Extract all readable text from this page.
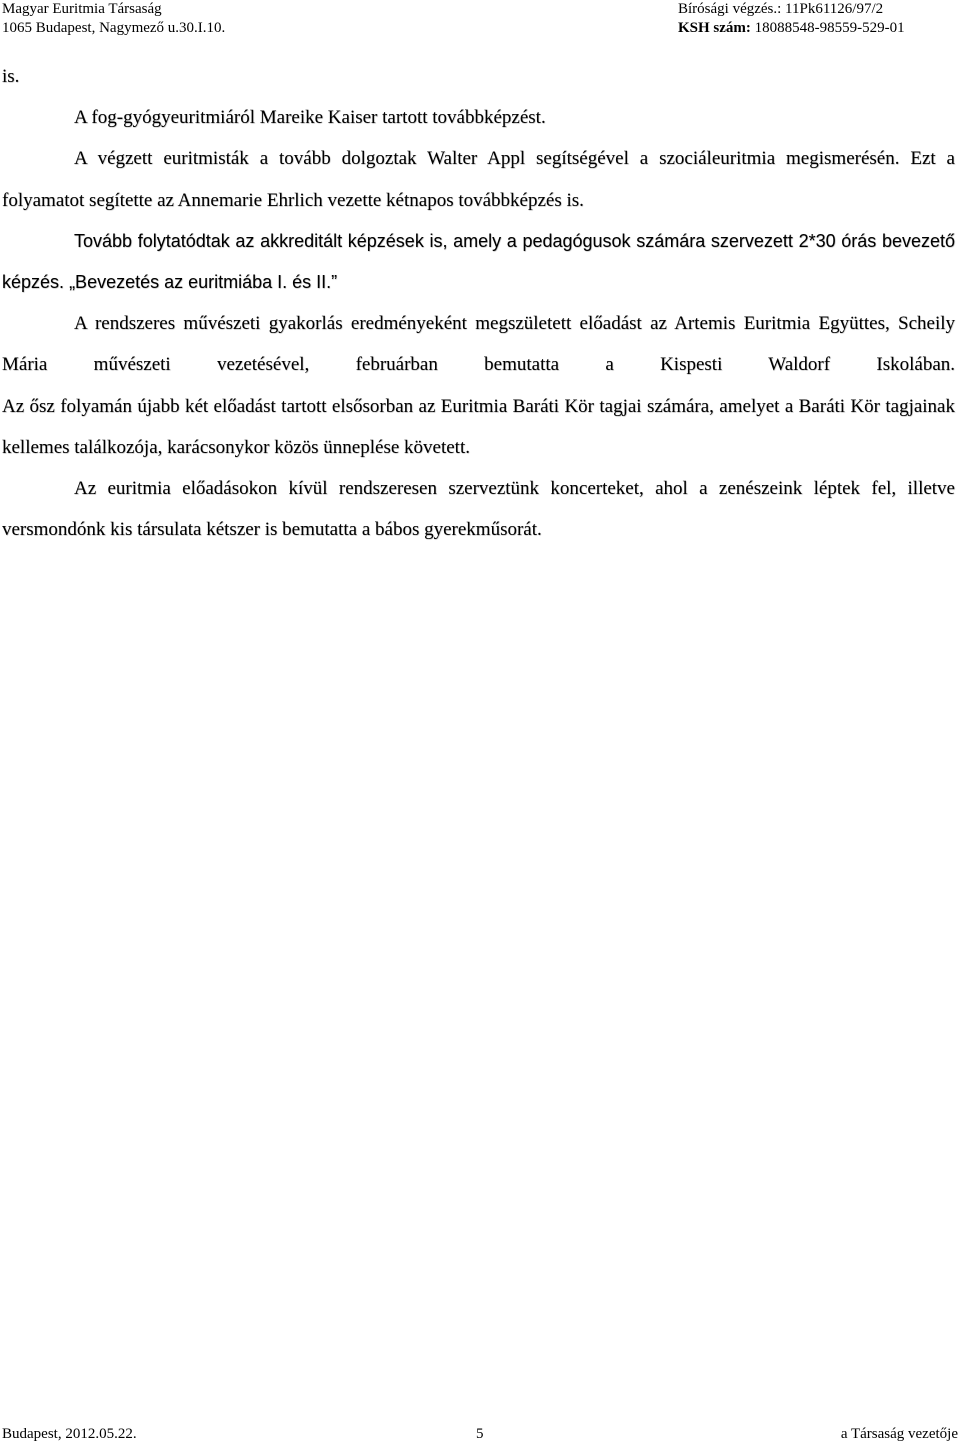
Magyar Euritmia Társaság
1065 Budapest, Nagymező u.30.I.10.
Bírósági végzés.: 11Pk61126/97/2
KSH szám: 18088548-98559-529-01

is.

A fog-gyógyeuritmiáról Mareike Kaiser tartott továbbképzést.

A végzett euritmisták a tovább dolgoztak Walter Appl segítségével a szociáleuritmia megismerésén. Ezt a folyamatot segítette az Annemarie Ehrlich vezette kétnapos továbbképzés is.

Tovább folytatódtak az akkreditált képzések is, amely a pedagógusok számára szervezett 2*30 órás bevezető képzés. „Bevezetés az euritmiába I. és II.”

A rendszeres művészeti gyakorlás eredményeként megszületett előadást az Artemis Euritmia Együttes, Scheily Mária művészeti vezetésével, februárban bemutatta a Kispesti Waldorf Iskolában.

Az ősz folyamán újabb két előadást tartott elsősorban az Euritmia Baráti Kör tagjai számára, amelyet a Baráti Kör tagjainak kellemes találkozója, karácsonykor közös ünneplése követett.

Az euritmia előadásokon kívül rendszeresen szerveztünk koncerteket, ahol a zenészeink léptek fel, illetve versmondónk kis társulata kétszer is bemutatta a bábos gyerekműsorát.

Budapest, 2012.05.22.	5	a Társaság vezetője
